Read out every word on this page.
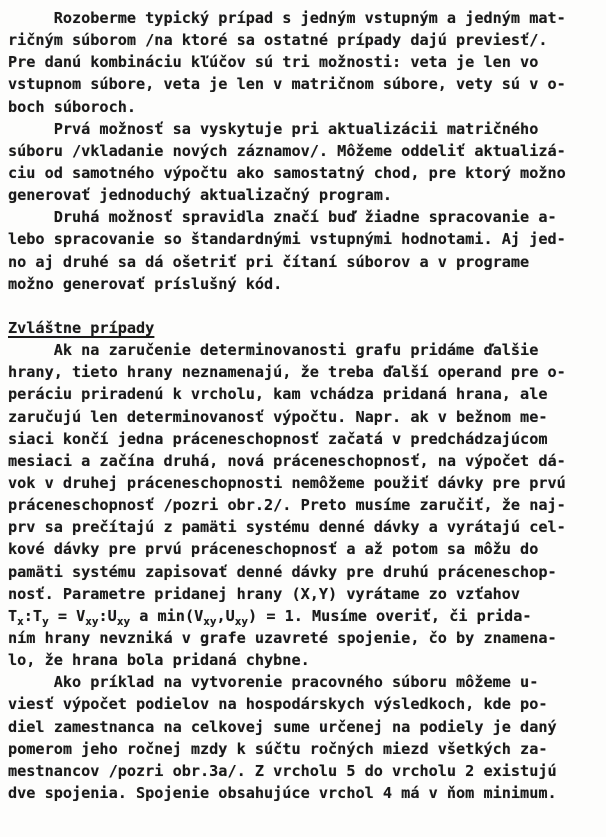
Rozoberme typický prípad s jedným vstupným a jedným mat-
ričným súborom /na ktoré sa ostatné prípady dajú previesť/.
Pre danú kombináciu kľúčov sú tri možnosti: veta je len vo
vstupnom súbore, veta je len v matričnom súbore, vety sú v o-
boch súboroch.
Prvá možnosť sa vyskytuje pri aktualizácii matričného
súboru /vkladanie nových záznamov/. Môžeme oddeliť aktualizá-
ciu od samotného výpočtu ako samostatný chod, pre ktorý možno
generovať jednoduchý aktualizačný program.
Druhá možnosť spravidla značí buď žiadne spracovanie a-
lebo spracovanie so štandardnými vstupnými hodnotami. Aj jed-
no aj druhé sa dá ošetriť pri čítaní súborov a v programe
možno generovať príslušný kód.

Zvláštne prípady
Ak na zaručenie determinovanosti grafu pridáme ďalšie
hrany, tieto hrany neznamenajú, že treba ďalší operand pre o-
peráciu priradenú k vrcholu, kam vchádza pridaná hrana, ale
zaručujú len determinovanosť výpočtu. Napr. ak v bežnom me-
siaci končí jedna práceneschopnosť začatá v predchádzajúcom
mesiaci a začína druhá, nová práceneschopnosť, na výpočet dá-
vok v druhej práceneschopnosti nemôžeme použiť dávky pre prvú
práceneschopnosť /pozri obr.2/. Preto musíme zaručiť, že naj-
prv sa prečítajú z pamäti systému denné dávky a vyrátajú cel-
kové dávky pre prvú práceneschopnosť a až potom sa môžu do
pamäti systému zapisovať denné dávky pre druhú práceneschop-
nosť. Parametre pridanej hrany (X,Y) vyrátame zo vzťahov
$T_x:T_y$ = $V_{xy}:U_{xy}$ a $\min(V_{xy},U_{xy}) = 1$. Musíme overiť, či prida-
ním hrany nevzniká v grafe uzavreté spojenie, čo by znamena-
lo, že hrana bola pridaná chybne.
Ako príklad na vytvorenie pracovného súboru môžeme u-
viesť výpočet podielov na hospodárskych výsledkoch, kde po-
diel zamestnanca na celkovej sume určenej na podiely je daný
pomerom jeho ročnej mzdy k súčtu ročných miezd všetkých za-
mestnancov /pozri obr.3a/. Z vrcholu 5 do vrcholu 2 existujú
dve spojenia. Spojenie obsahujúce vrchol 4 má v ňom minimum.
